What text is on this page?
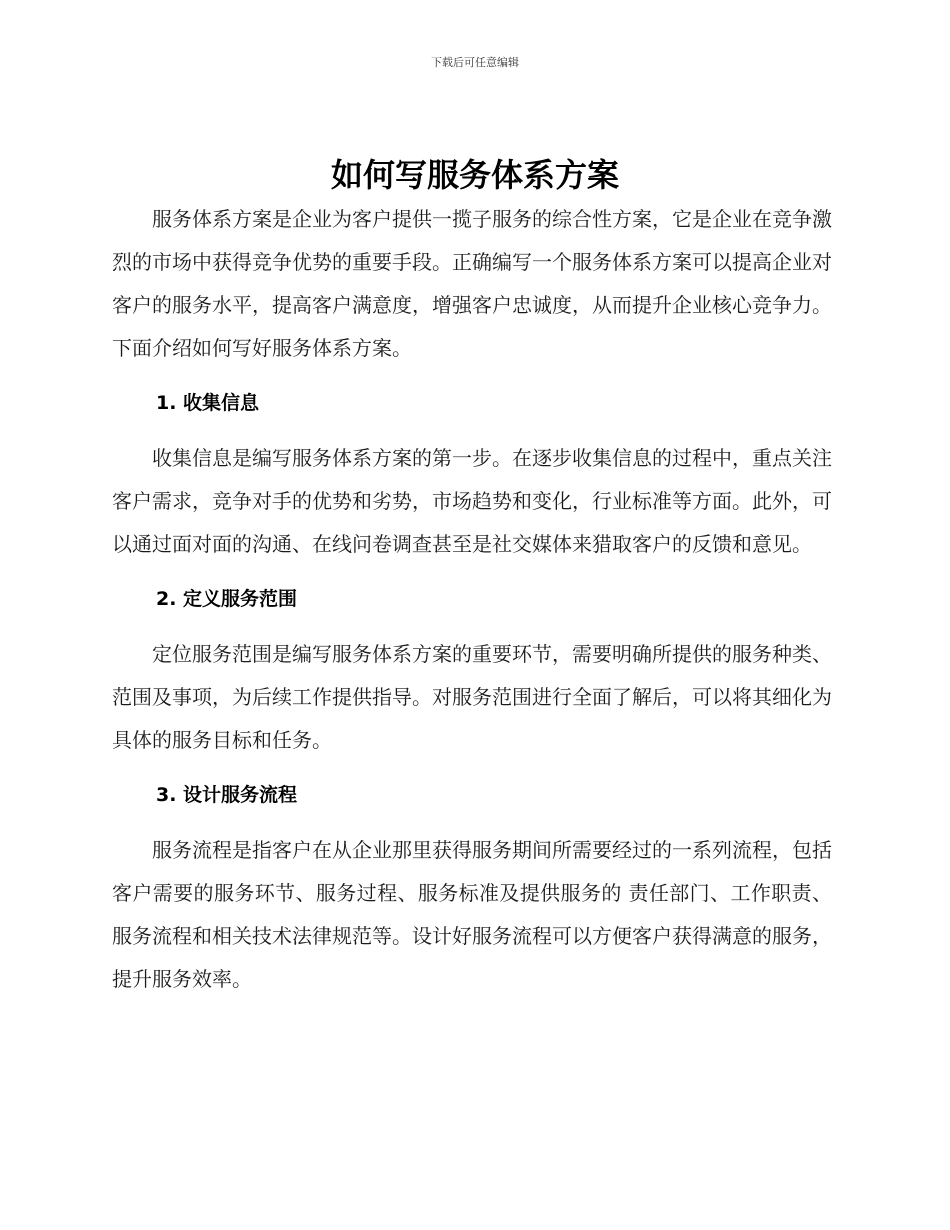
下载后可任意编辑
如何写服务体系方案

服务体系方案是企业为客户提供一揽子服务的综合性方案，它是企业在竞争激烈的市场中获得竞争优势的重要手段。正确编写一个服务体系方案可以提高企业对客户的服务水平，提高客户满意度，增强客户忠诚度，从而提升企业核心竞争力。下面介绍如何写好服务体系方案。

1. 收集信息

收集信息是编写服务体系方案的第一步。在逐步收集信息的过程中，重点关注客户需求，竞争对手的优势和劣势，市场趋势和变化，行业标准等方面。此外，可以通过面对面的沟通、在线问卷调查甚至是社交媒体来猎取客户的反馈和意见。

2. 定义服务范围

定位服务范围是编写服务体系方案的重要环节，需要明确所提供的服务种类、范围及事项，为后续工作提供指导。对服务范围进行全面了解后，可以将其细化为具体的服务目标和任务。

3. 设计服务流程

服务流程是指客户在从企业那里获得服务期间所需要经过的一系列流程，包括客户需要的服务环节、服务过程、服务标准及提供服务的 责任部门、工作职责、服务流程和相关技术法律规范等。设计好服务流程可以方便客户获得满意的服务，提升服务效率。
